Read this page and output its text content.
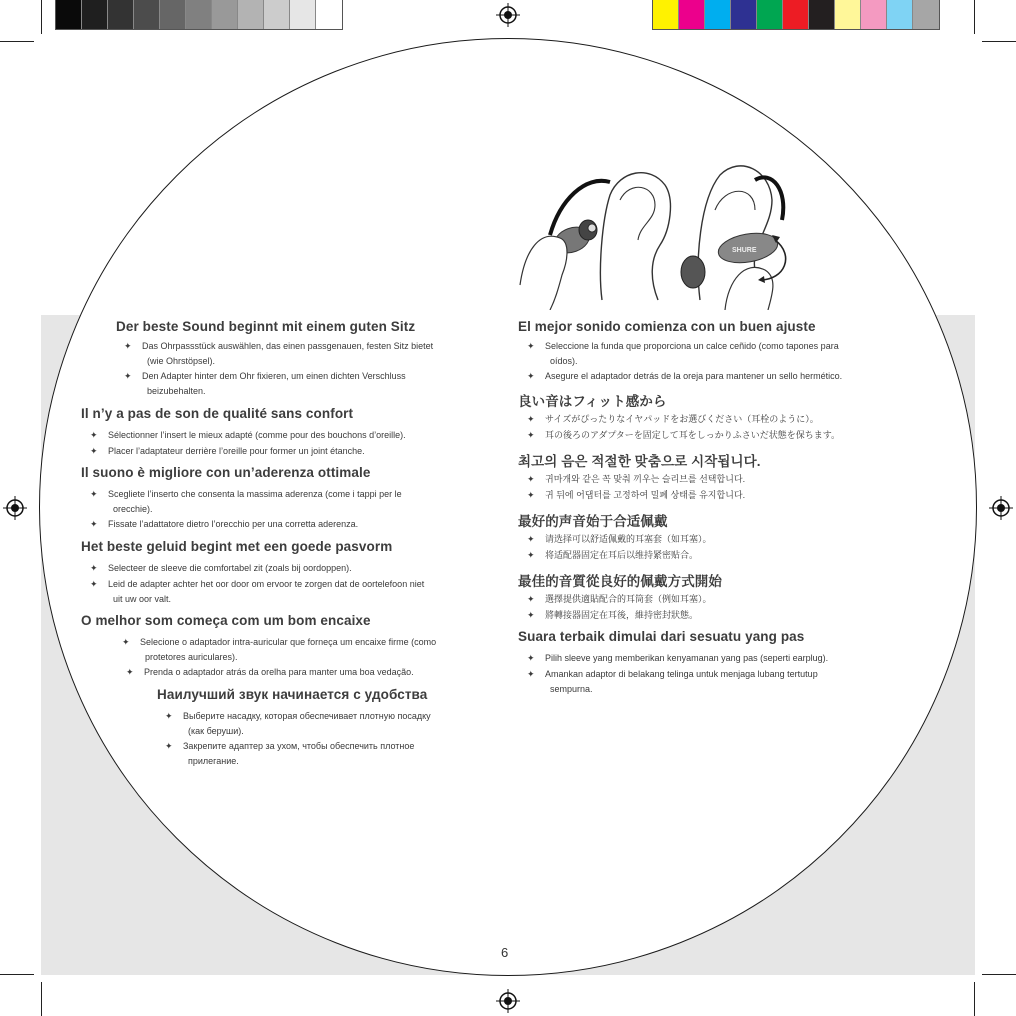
SHURE
Der beste Sound beginnt mit einem guten Sitz
✦	Das Ohrpassstück auswählen, das einen passgenauen, festen Sitz bietet
(wie Ohrstöpsel).
✦	Den Adapter hinter dem Ohr fixieren, um einen dichten Verschluss
beizubehalten.
Il n’y a pas de son de qualité sans confort
✦	Sélectionner l’insert le mieux adapté (comme pour des bouchons d’oreille).
✦	Placer l’adaptateur derrière l’oreille pour former un joint étanche.
Il suono è migliore con un’aderenza ottimale
✦	Scegliete l’inserto che consenta la massima aderenza (come i tappi per le
orecchie).
✦	Fissate l’adattatore dietro l’orecchio per una corretta aderenza.
Het beste geluid begint met een goede pasvorm
✦	Selecteer de sleeve die comfortabel zit (zoals bij oordoppen).
✦	Leid de adapter achter het oor door om ervoor te zorgen dat de oortelefoon niet
uit uw oor valt.
O melhor som começa com um bom encaixe
✦	Selecione o adaptador intra-auricular que forneça um encaixe firme (como
protetores auriculares).
✦	Prenda o adaptador atrás da orelha para manter uma boa vedação.
Наилучший звук начинается с удобства
✦	Выберите насадку, которая обеспечивает плотную посадку
(как беруши).
✦	Закрепите адаптер за ухом, чтобы обеспечить плотное
прилегание.
El mejor sonido comienza con un buen ajuste
✦	Seleccione la funda que proporciona un calce ceñido (como tapones para
oídos).
✦	Asegure el adaptador detrás de la oreja para mantener un sello hermético.
良い音はフィット感から
✦	サイズがぴったりなイヤパッドをお選びください（耳栓のように）。
✦	耳の後ろのアダプターを固定して耳をしっかりふさいだ状態を保ちます。
최고의 음은 적절한 맞춤으로 시작됩니다.
✦	귀마개와 같은 꼭 맞춰 끼우는 슬리브를 선택합니다.
✦	귀 뒤에 어댑터를 고정하여 밀폐 상태를 유지합니다.
最好的声音始于合适佩戴
✦	请选择可以舒适佩戴的耳塞套（如耳塞）。
✦	将适配器固定在耳后以维持紧密贴合。
最佳的音質從良好的佩戴方式開始
✦	選擇提供適貼配合的耳筒套（例如耳塞）。
✦	將轉接器固定在耳後，維持密封狀態。
Suara terbaik dimulai dari sesuatu yang pas
✦	Pilih sleeve yang memberikan kenyamanan yang pas (seperti earplug).
✦	Amankan adaptor di belakang telinga untuk menjaga lubang tertutup
sempurna.
6
